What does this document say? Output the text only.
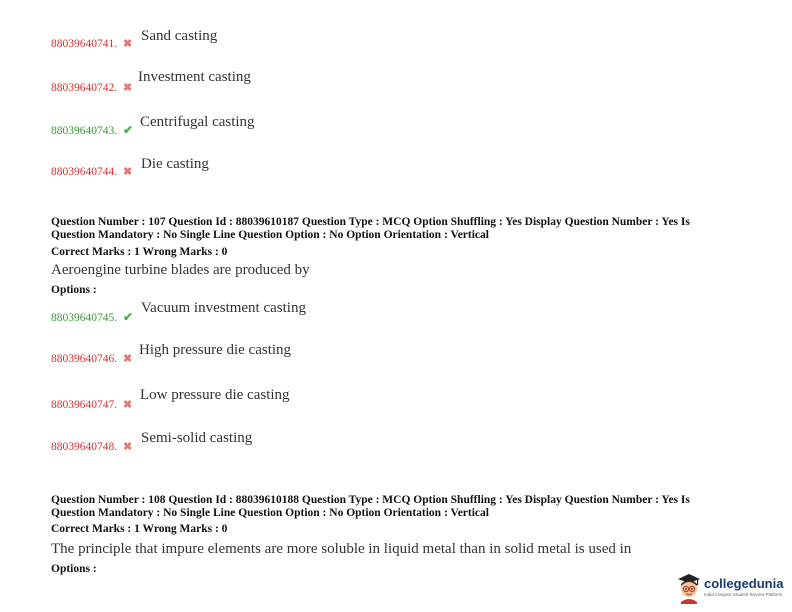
88039640741. ✖ Sand casting
88039640742. ✖
Investment casting
88039640743. ✔ Centrifugal casting
88039640744. ✖ Die casting
Question Number : 107 Question Id : 88039610187 Question Type : MCQ Option Shuffling : Yes Display Question Number : Yes Is
Question Mandatory : No Single Line Question Option : No Option Orientation : Vertical
Correct Marks : 1 Wrong Marks : 0
Aeroengine turbine blades are produced by
Options :
88039640745. ✔
Vacuum investment casting
88039640746. ✖
High pressure die casting
88039640747. ✖
Low pressure die casting
88039640748. ✖
Semi-solid casting
Question Number : 108 Question Id : 88039610188 Question Type : MCQ Option Shuffling : Yes Display Question Number : Yes Is
Question Mandatory : No Single Line Question Option : No Option Orientation : Vertical
Correct Marks : 1 Wrong Marks : 0
The principle that impure elements are more soluble in liquid metal than in solid metal is used in
Options :
collegedunia
India's largest Student Review Platform
